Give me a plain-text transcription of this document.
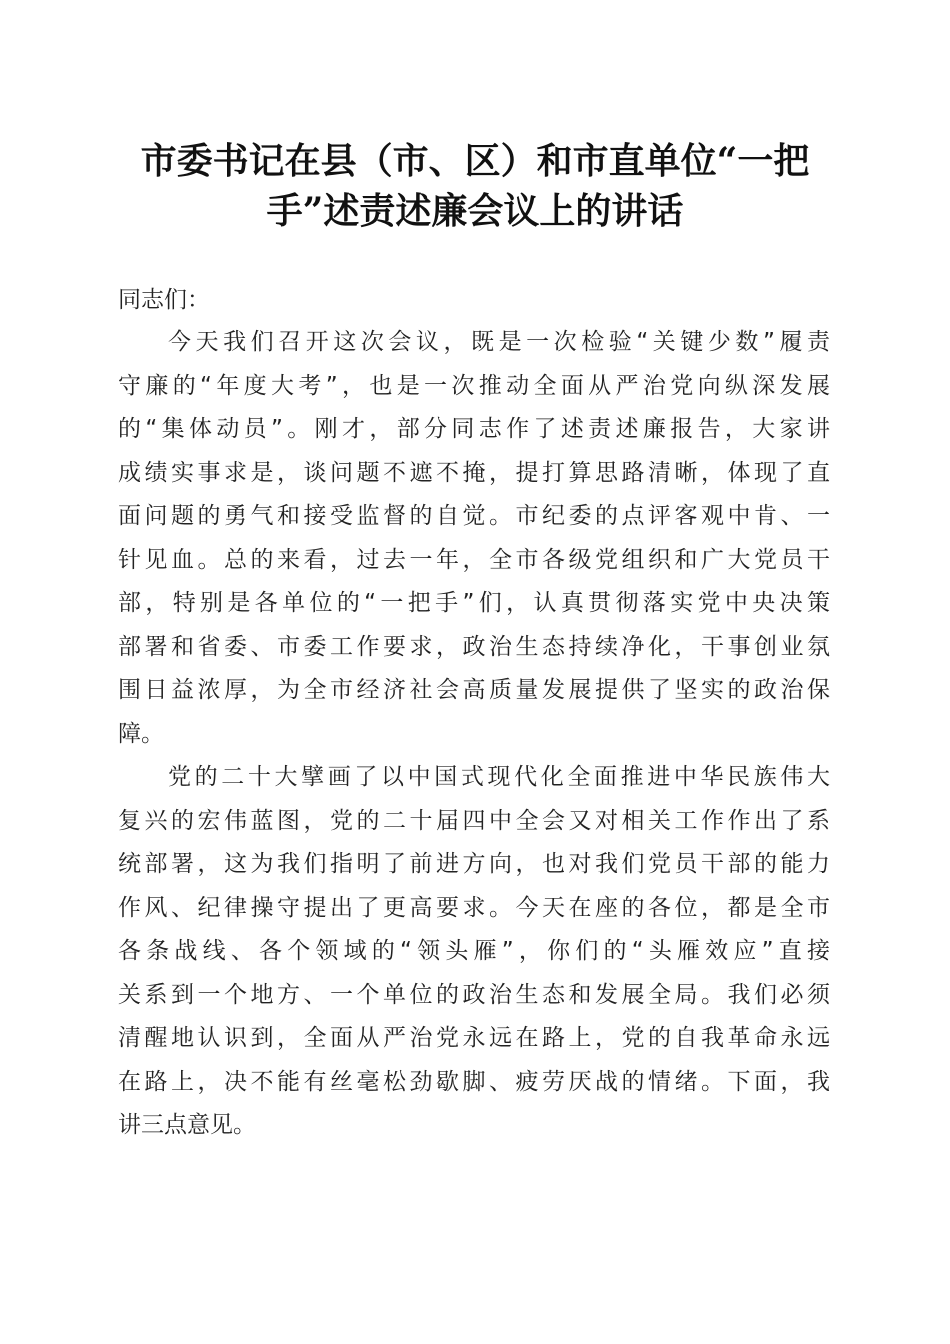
市委书记在县（市、区）和市直单位“一把
手”述责述廉会议上的讲话

同志们：

今天我们召开这次会议，既是一次检验“关键少数”履责
守廉的“年度大考”，也是一次推动全面从严治党向纵深发展
的“集体动员”。刚才，部分同志作了述责述廉报告，大家讲
成绩实事求是，谈问题不遮不掩，提打算思路清晰，体现了直
面问题的勇气和接受监督的自觉。市纪委的点评客观中肯、一
针见血。总的来看，过去一年，全市各级党组织和广大党员干
部，特别是各单位的“一把手”们，认真贯彻落实党中央决策
部署和省委、市委工作要求，政治生态持续净化，干事创业氛
围日益浓厚，为全市经济社会高质量发展提供了坚实的政治保
障。
党的二十大擘画了以中国式现代化全面推进中华民族伟大
复兴的宏伟蓝图，党的二十届四中全会又对相关工作作出了系
统部署，这为我们指明了前进方向，也对我们党员干部的能力
作风、纪律操守提出了更高要求。今天在座的各位，都是全市
各条战线、各个领域的“领头雁”，你们的“头雁效应”直接
关系到一个地方、一个单位的政治生态和发展全局。我们必须
清醒地认识到，全面从严治党永远在路上，党的自我革命永远
在路上，决不能有丝毫松劲歇脚、疲劳厌战的情绪。下面，我
讲三点意见。
